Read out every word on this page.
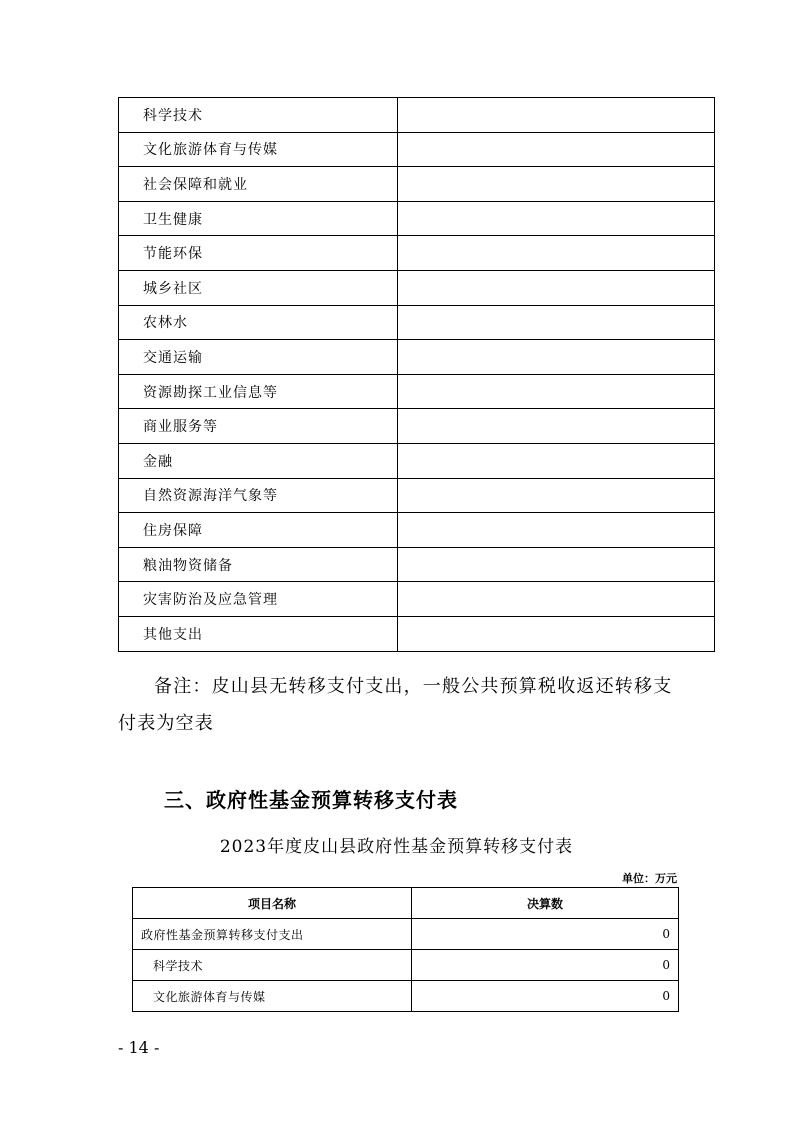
科学技术	
文化旅游体育与传媒	
社会保障和就业	
卫生健康	
节能环保	
城乡社区	
农林水	
交通运输	
资源勘探工业信息等	
商业服务等	
金融	
自然资源海洋气象等	
住房保障	
粮油物资储备	
灾害防治及应急管理	
其他支出	

备注：皮山县无转移支付支出，一般公共预算税收返还转移支付表为空表

三、政府性基金预算转移支付表

2023年度皮山县政府性基金预算转移支付表

单位：万元
项目名称	决算数
政府性基金预算转移支付支出	0
科学技术	0
文化旅游体育与传媒	0
- 14 -
